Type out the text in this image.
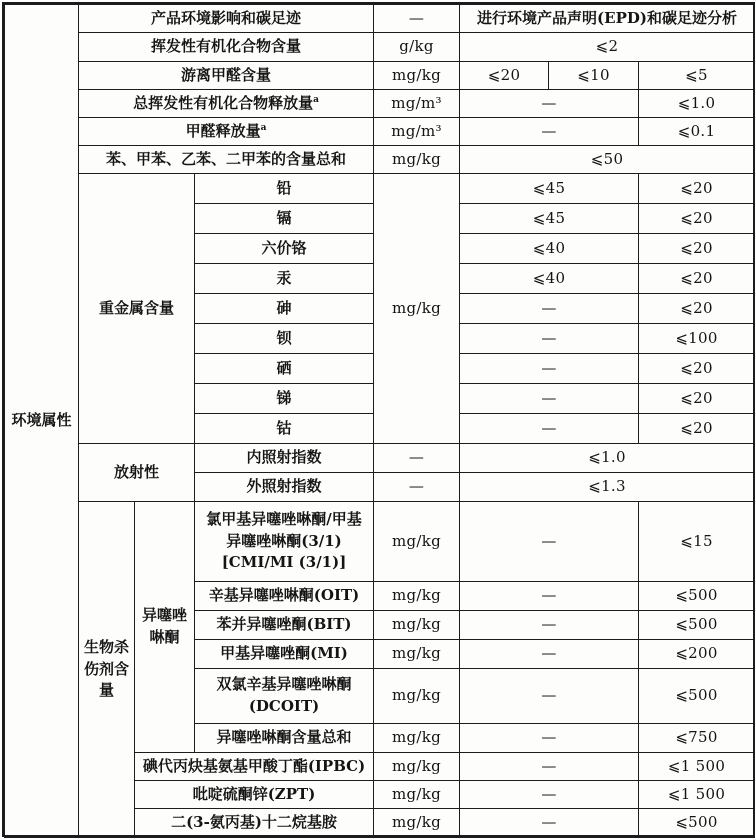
环境属性	产品环境影响和碳足迹			—	进行环境产品声明(EPD)和碳足迹分析		
	挥发性有机化合物含量			g/kg	⩽2		
	游离甲醛含量			mg/kg	⩽20	⩽10	⩽5
	总挥发性有机化合物释放量$^a$			mg/m³	—		⩽1.0
	甲醛释放量$^a$			mg/m³	—		⩽0.1
	苯、甲苯、乙苯、二甲苯的含量总和			mg/kg	⩽50		
	重金属含量		铅	mg/kg	⩽45		⩽20
			镉		⩽45		⩽20
			六价铬		⩽40		⩽20
			汞		⩽40		⩽20
			砷		—		⩽20
			钡		—		⩽100
			硒		—		⩽20
			锑		—		⩽20
			钴		—		⩽20
	放射性		内照射指数	—	⩽1.0		
			外照射指数	—	⩽1.3		
	生物杀伤剂含量	异噻唑啉酮	氯甲基异噻唑啉酮/甲基异噻唑啉酮(3/1)[CMI/MI (3/1)]	mg/kg	—		⩽15
			辛基异噻唑啉酮(OIT)	mg/kg	—		⩽500
			苯并异噻唑酮(BIT)	mg/kg	—		⩽500
			甲基异噻唑酮(MI)	mg/kg	—		⩽200
			双氯辛基异噻唑啉酮(DCOIT)	mg/kg	—		⩽500
			异噻唑啉酮含量总和	mg/kg	—		⩽750
		碘代丙炔基氨基甲酸丁酯(IPBC)		mg/kg	—		⩽1 500
		吡啶硫酮锌(ZPT)		mg/kg	—		⩽1 500
		二(3-氨丙基)十二烷基胺		mg/kg	—		⩽500
